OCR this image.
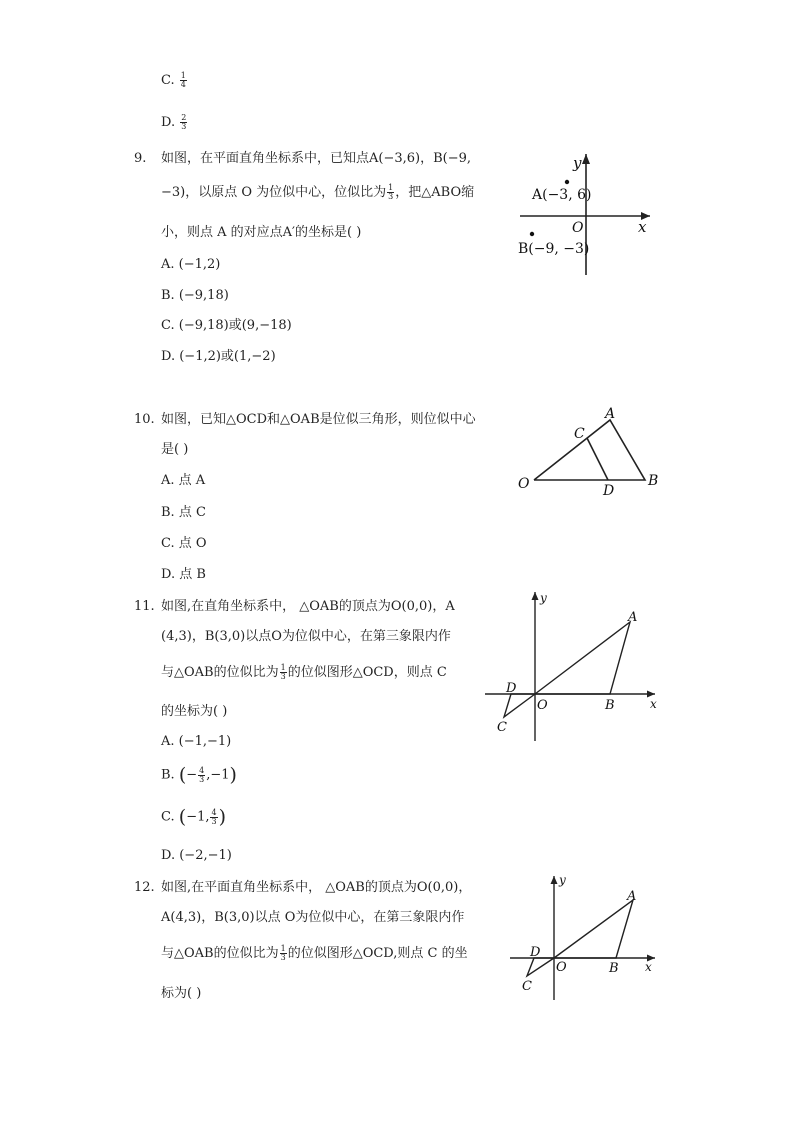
C. $\frac{1}{4}$
D. $\frac{2}{3}$
9. 如图，在平面直角坐标系中，已知点A(−3,6)，B(−9,
−3)，以原点 O 为位似中心，位似比为 $\frac{1}{3}$ ，把△ABO缩
小，则点 A 的对应点A′的坐标是( )
A. (−1,2)
B. (−9,18)
C. (−9,18)或(9,−18)
D. (−1,2)或(1,−2)
y
x
O
A(−3, 6)
B(−9, −3)
10. 如图，已知△OCD和△OAB是位似三角形，则位似中心
是( )
A. 点 A
B. 点 C
C. 点 O
D. 点 B
O
A
B
C
D
11. 如图,在直角坐标系中， △OAB的顶点为O(0,0)，A
(4,3)，B(3,0)以点O为位似中心，在第三象限内作
与△OAB的位似比为 $\frac{1}{3}$ 的位似图形△OCD，则点 C
的坐标为( )
A. (−1,−1)
B. (− $\frac{4}{3} ,-1$)
C. (−1, $\frac{4}{3}$ )
D. (−2,−1)
y
x
O
A
B
C
D
12. 如图,在平面直角坐标系中， △OAB的顶点为O(0,0)，
A(4,3)，B(3,0)以点 O为位似中心，在第三象限内作
与△OAB的位似比为 $\frac{1}{3}$ 的位似图形△OCD,则点 C 的坐
标为( )
y
x
O
A
B
C
D
